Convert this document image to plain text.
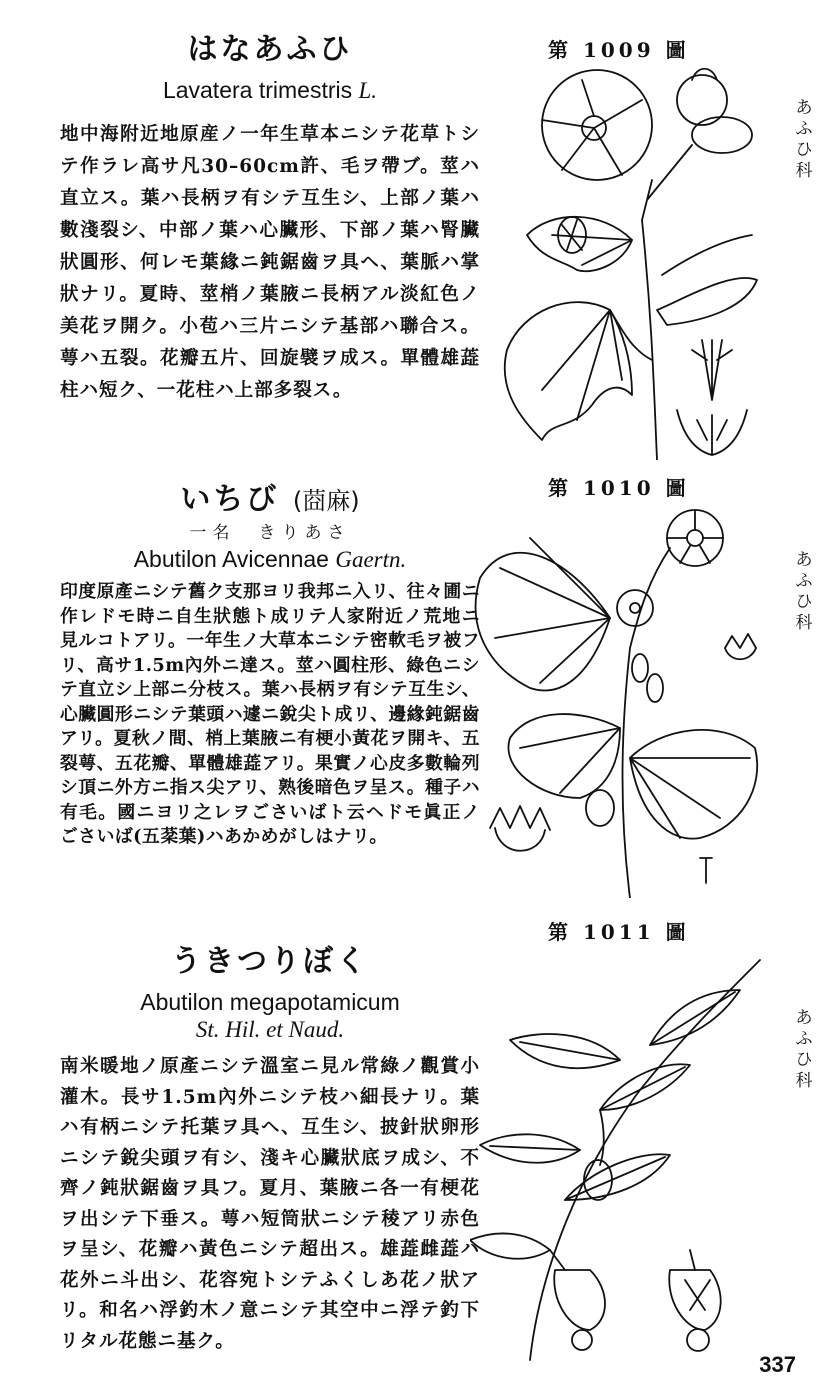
はなあふひ

Lavatera trimestris L.

地中海附近地原産ノ一年生草本ニシテ花草トシテ作ラレ高サ凡30–60cm許、毛ヲ帶ブ。莖ハ直立ス。葉ハ長柄ヲ有シテ互生シ、上部ノ葉ハ數淺裂シ、中部ノ葉ハ心臟形、下部ノ葉ハ腎臟狀圓形、何レモ葉緣ニ鈍鋸齒ヲ具ヘ、葉脈ハ掌狀ナリ。夏時、莖梢ノ葉腋ニ長柄アル淡紅色ノ美花ヲ開ク。小苞ハ三片ニシテ基部ハ聯合ス。萼ハ五裂。花瓣五片、回旋襞ヲ成ス。單體雄蕋柱ハ短ク、一花柱ハ上部多裂ス。

第 1009 圖
あふひ科
いちび (莔麻)

一名　きりあさ

Abutilon Avicennae Gaertn.

印度原產ニシテ舊ク支那ヨリ我邦ニ入リ、往々圃ニ作レドモ時ニ自生狀態ト成リテ人家附近ノ荒地ニ見ルコトアリ。一年生ノ大草本ニシテ密軟毛ヲ被フリ、高サ1.5m內外ニ達ス。莖ハ圓柱形、綠色ニシテ直立シ上部ニ分枝ス。葉ハ長柄ヲ有シテ互生シ、心臟圓形ニシテ葉頭ハ遽ニ銳尖ト成リ、邊緣鈍鋸齒アリ。夏秋ノ間、梢上葉腋ニ有梗小黃花ヲ開キ、五裂萼、五花瓣、單體雄蕋アリ。果實ノ心皮多數輪列シ頂ニ外方ニ指ス尖アリ、熟後暗色ヲ呈ス。種子ハ有毛。國ニヨリ之レヲごさいばト云ヘドモ眞正ノごさいば(五棻葉)ハあかめがしはナリ。

第 1010 圖
あふひ科
うきつりぼく

Abutilon megapotamicum

St. Hil. et Naud.

南米暖地ノ原產ニシテ溫室ニ見ル常綠ノ觀賞小灌木。長サ1.5m內外ニシテ枝ハ細長ナリ。葉ハ有柄ニシテ托葉ヲ具ヘ、互生シ、披針狀卵形ニシテ銳尖頭ヲ有シ、淺キ心臟狀底ヲ成シ、不齊ノ鈍狀鋸齒ヲ具フ。夏月、葉腋ニ各一有梗花ヲ出シテ下垂ス。萼ハ短筒狀ニシテ稜アリ赤色ヲ呈シ、花瓣ハ黃色ニシテ超出ス。雄蕋雌蕋ハ花外ニ斗出シ、花容宛トシテふくしあ花ノ狀アリ。和名ハ浮釣木ノ意ニシテ其空中ニ浮テ釣下リタル花態ニ基ク。

第 1011 圖
あふひ科
337
